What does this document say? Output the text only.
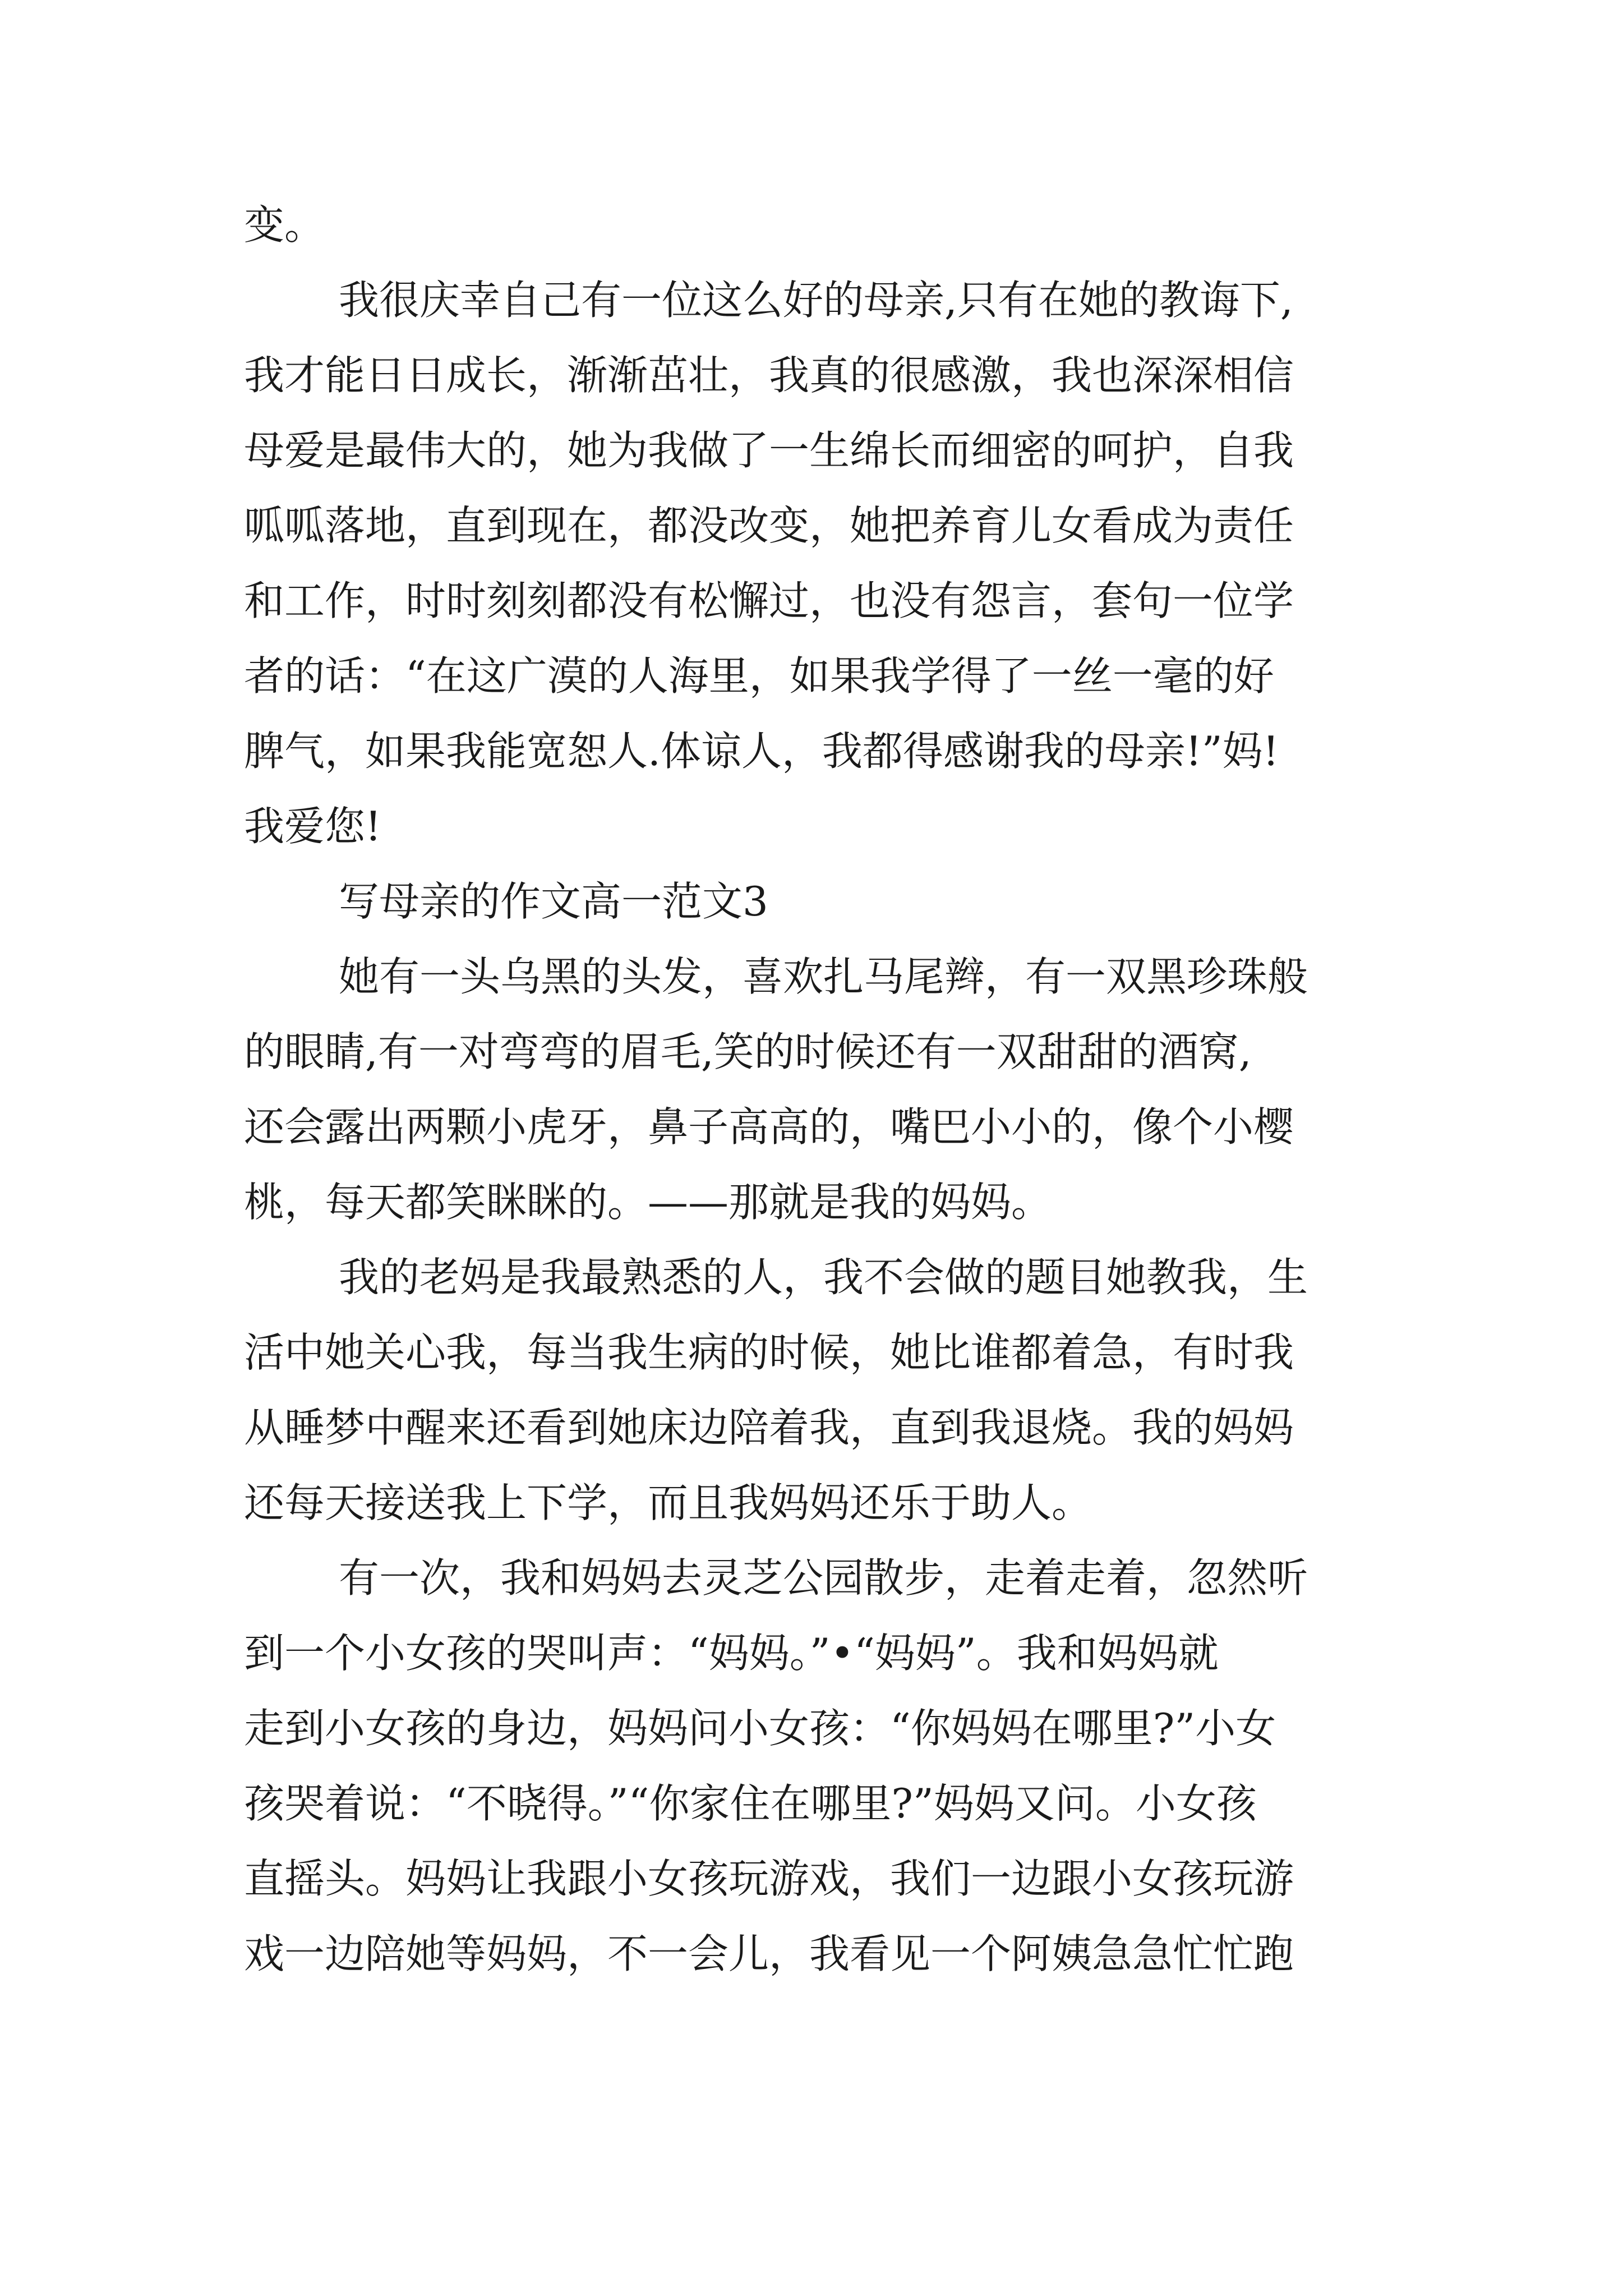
变。
我很庆幸自己有一位这么好的母亲,只有在她的教诲下,
我才能日日成长，渐渐茁壮，我真的很感激，我也深深相信
母爱是最伟大的，她为我做了一生绵长而细密的呵护，自我
呱呱落地，直到现在，都没改变，她把养育儿女看成为责任
和工作，时时刻刻都没有松懈过，也没有怨言，套句一位学
者的话：“在这广漠的人海里，如果我学得了一丝一毫的好
脾气，如果我能宽恕人.体谅人，我都得感谢我的母亲!”妈!
我爱您!
写母亲的作文高一范文3
她有一头乌黑的头发，喜欢扎马尾辫，有一双黑珍珠般
的眼睛,有一对弯弯的眉毛,笑的时候还有一双甜甜的酒窝,
还会露出两颗小虎牙，鼻子高高的，嘴巴小小的，像个小樱
桃，每天都笑眯眯的。——那就是我的妈妈。
我的老妈是我最熟悉的人，我不会做的题目她教我，生
活中她关心我，每当我生病的时候，她比谁都着急，有时我
从睡梦中醒来还看到她床边陪着我，直到我退烧。我的妈妈
还每天接送我上下学，而且我妈妈还乐于助人。
有一次，我和妈妈去灵芝公园散步，走着走着，忽然听
到一个小女孩的哭叫声：“妈妈。”•“妈妈”。我和妈妈就
走到小女孩的身边，妈妈问小女孩：“你妈妈在哪里?”小女
孩哭着说：“不晓得。”“你家住在哪里?”妈妈又问。小女孩
直摇头。妈妈让我跟小女孩玩游戏，我们一边跟小女孩玩游
戏一边陪她等妈妈，不一会儿，我看见一个阿姨急急忙忙跑
